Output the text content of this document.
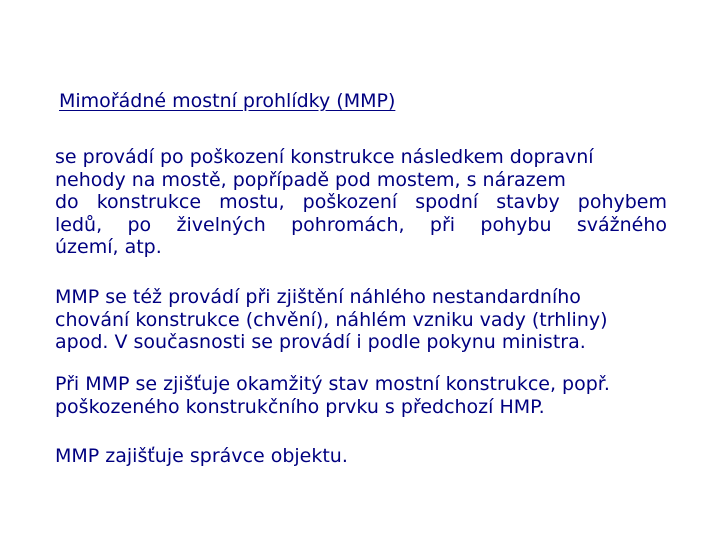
Mimořádné mostní prohlídky (MMP)
se provádí po poškození konstrukce následkem dopravní
nehody na mostě, popřípadě pod mostem, s nárazem
do konstrukce mostu, poškození spodní stavby pohybem
ledů, po živelných pohromách, při pohybu svážného
území, atp.
MMP se též provádí při zjištění náhlého nestandardního
chování konstrukce (chvění), náhlém vzniku vady (trhliny)
apod. V současnosti se provádí i podle pokynu ministra.
Při MMP se zjišťuje okamžitý stav mostní konstrukce, popř.
poškozeného konstrukčního prvku s předchozí HMP.
MMP zajišťuje správce objektu.
